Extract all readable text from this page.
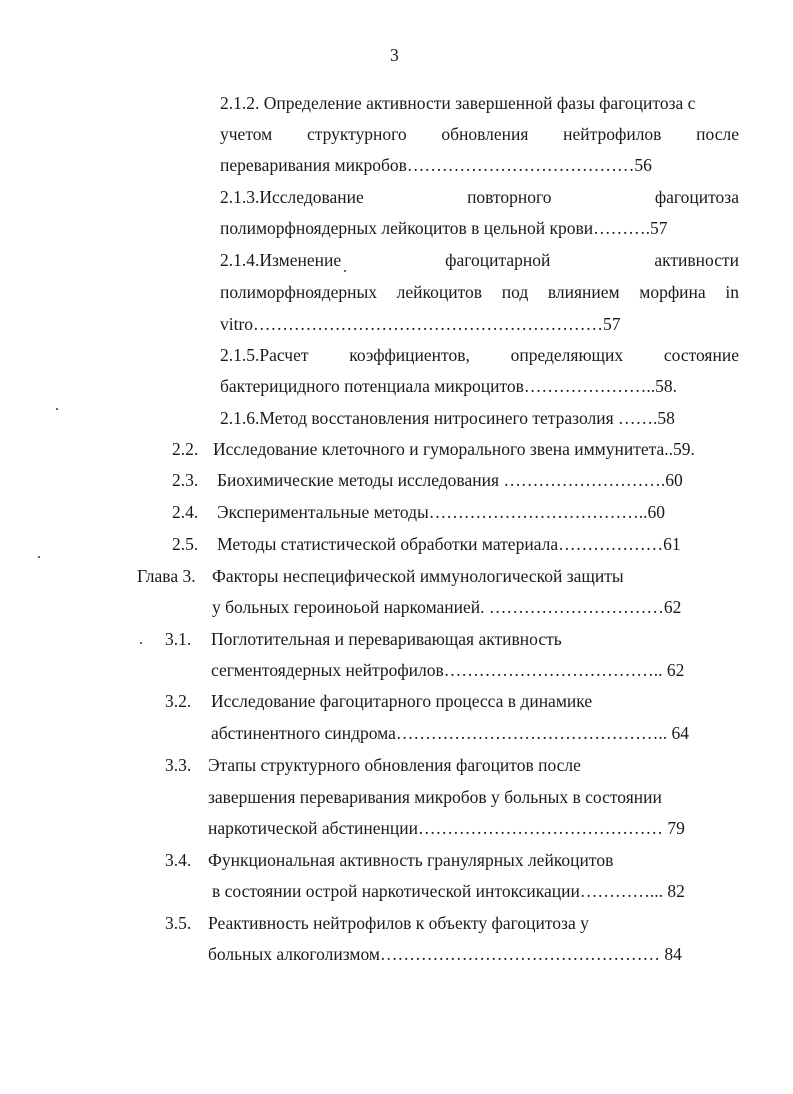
3
2.1.2. Определение активности завершенной фазы фагоцитоза с
учетом структурного обновления нейтрофилов после
переваривания микробов…………………………………56
2.1.3.Исследование	повторного	фагоцитоза
полиморфноядерных лейкоцитов в цельной крови……….57
2.1.4.Изменение	фагоцитарной	активности
полиморфноядерных лейкоцитов под влиянием морфина in
vitro……………………………………………………57
2.1.5.Расчет коэффициентов, определяющих состояние
бактерицидного потенциала микроцитов…………………..58.
2.1.6.Метод восстановления нитросинего тетразолия …….58
2.2. Исследование клеточного и гуморального звена иммунитета..59.
2.3. Биохимические методы исследования ……………………….60
2.4. Экспериментальные методы………………………………..60
2.5. Методы статистической обработки материала………………61
Глава 3. Факторы неспецифической иммунологической защиты
у больных героиноьой наркоманией. …………………………62
3.1. Поглотительная и переваривающая активность
сегментоядерных нейтрофилов……………………………….. 62
3.2. Исследование фагоцитарного процесса в динамике
абстинентного синдрома……………………………………….. 64
3.3. Этапы структурного обновления фагоцитов после
завершения переваривания микробов у больных в состоянии
наркотической абстиненции…………………………………… 79
3.4. Функциональная активность гранулярных лейкоцитов
в состоянии острой наркотической интоксикации…………... 82
3.5. Реактивность нейтрофилов к объекту фагоцитоза у
больных алкоголизмом………………………………………… 84
